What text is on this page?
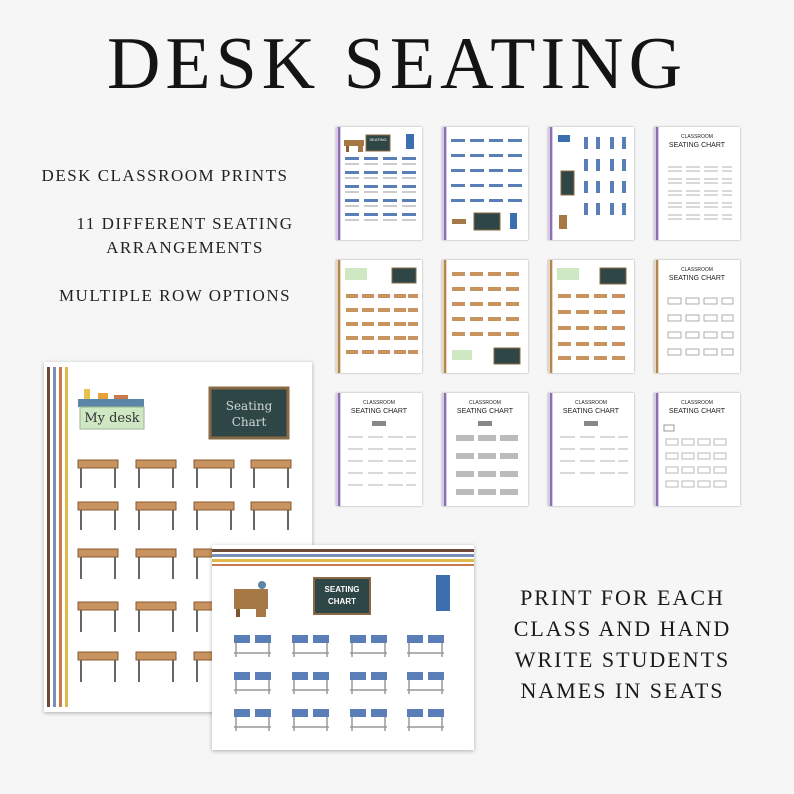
DESK SEATING
DESK CLASSROOM PRINTS
11 DIFFERENT SEATING
ARRANGEMENTS
MULTIPLE ROW OPTIONS
SEATING	CLASSROOM
SEATING CHART
CLASSROOM
SEATING CHART
CLASSROOM
SEATING CHART
CLASSROOM
SEATING CHART
CLASSROOM
SEATING CHART
CLASSROOM
SEATING CHART
My desk
Seating
Chart
SEATING
CHART	PRINT FOR EACH
CLASS AND HAND
WRITE STUDENTS
NAMES IN SEATS
